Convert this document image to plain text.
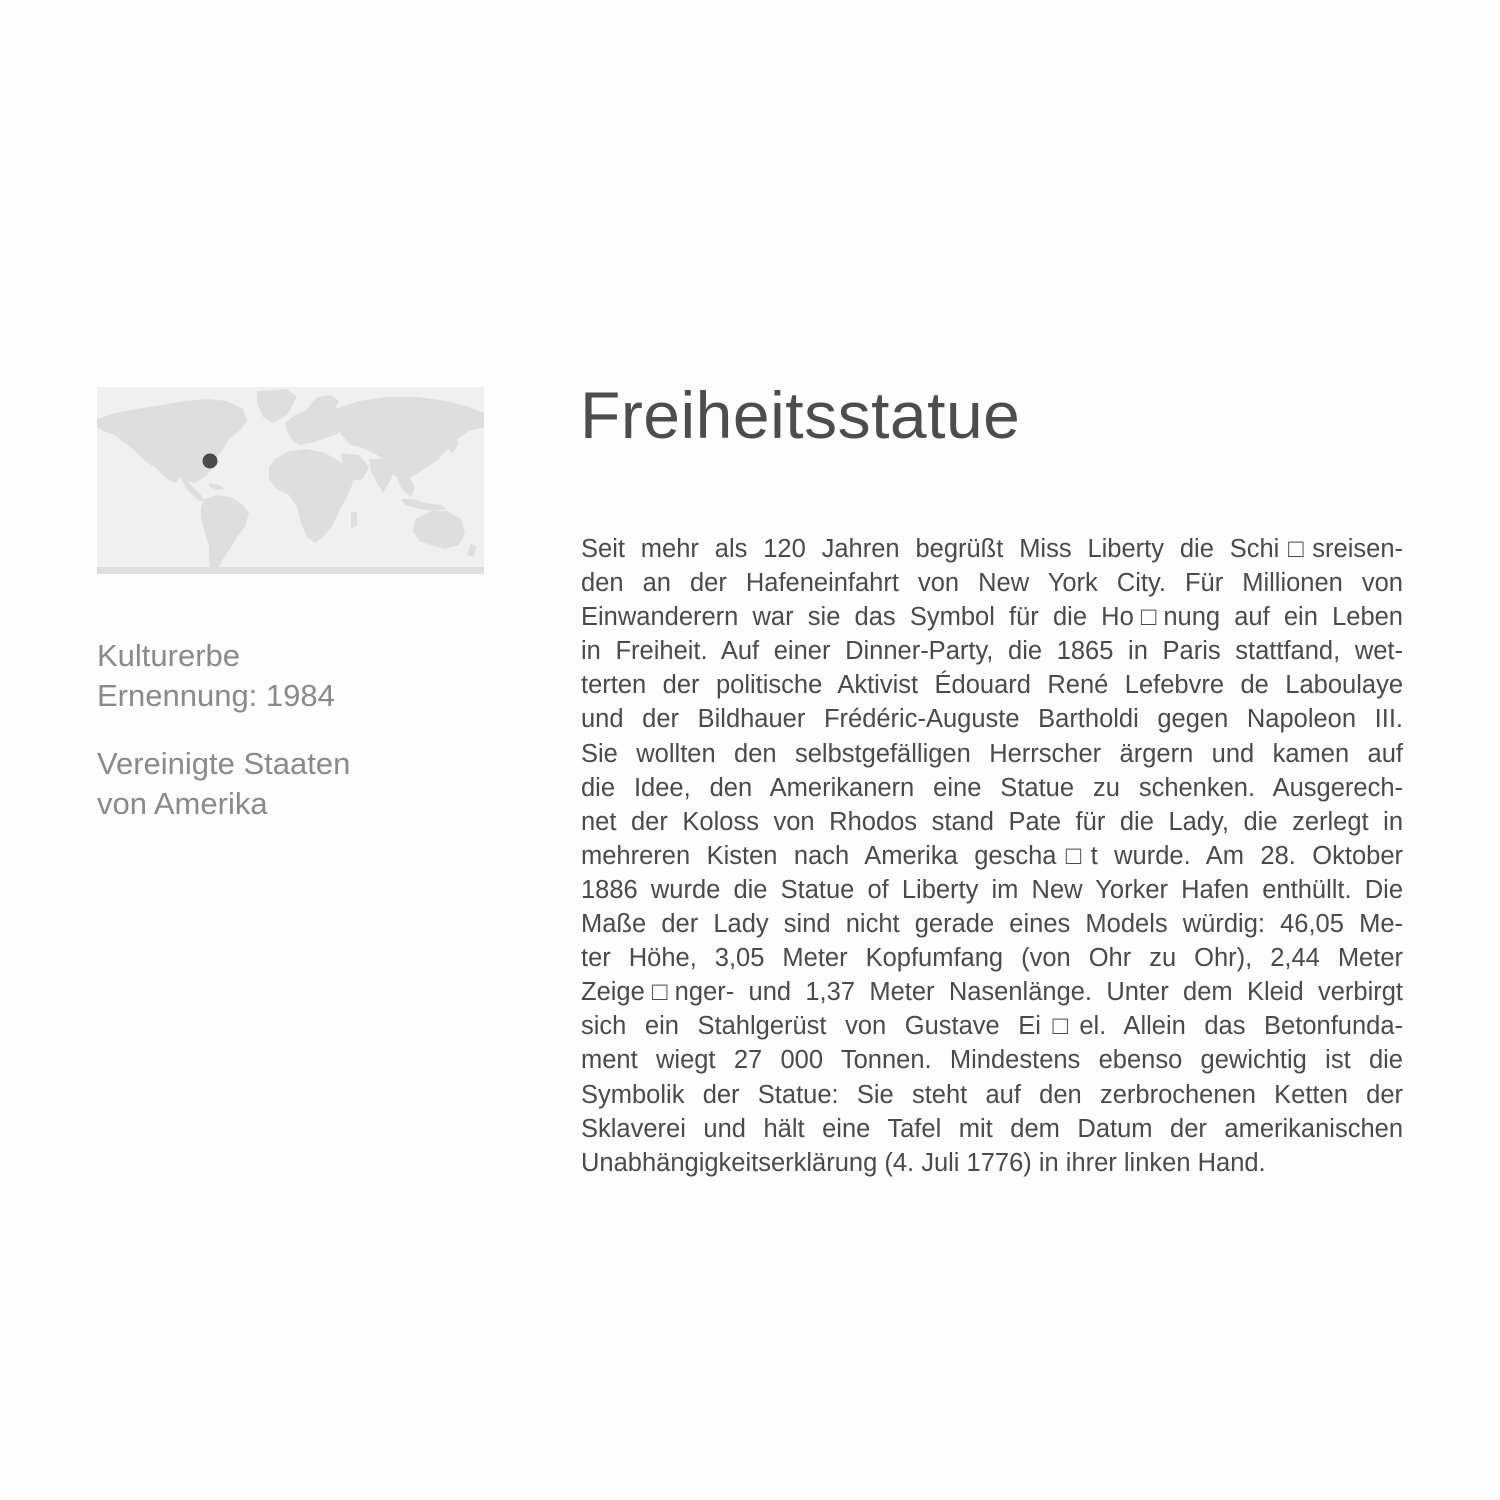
Kulturerbe
Ernennung: 1984
Vereinigte Staaten
von Amerika
Freiheitsstatue
Seit mehr als 120 Jahren begrüßt Miss Liberty die Schi□sreisen-
den an der Hafeneinfahrt von New York City. Für Millionen von
Einwanderern war sie das Symbol für die Ho□nung auf ein Leben
in Freiheit. Auf einer Dinner-Party, die 1865 in Paris stattfand, wet-
terten der politische Aktivist Édouard René Lefebvre de Laboulaye
und der Bildhauer Frédéric-Auguste Bartholdi gegen Napoleon III.
Sie wollten den selbstgefälligen Herrscher ärgern und kamen auf
die Idee, den Amerikanern eine Statue zu schenken. Ausgerech-
net der Koloss von Rhodos stand Pate für die Lady, die zerlegt in
mehreren Kisten nach Amerika gescha□t wurde. Am 28. Oktober
1886 wurde die Statue of Liberty im New Yorker Hafen enthüllt. Die
Maße der Lady sind nicht gerade eines Models würdig: 46,05 Me-
ter Höhe, 3,05 Meter Kopfumfang (von Ohr zu Ohr), 2,44 Meter
Zeige□nger- und 1,37 Meter Nasenlänge. Unter dem Kleid verbirgt
sich ein Stahlgerüst von Gustave Ei□el. Allein das Betonfunda-
ment wiegt 27 000 Tonnen. Mindestens ebenso gewichtig ist die
Symbolik der Statue: Sie steht auf den zerbrochenen Ketten der
Sklaverei und hält eine Tafel mit dem Datum der amerikanischen
Unabhängigkeitserklärung (4. Juli 1776) in ihrer linken Hand.
